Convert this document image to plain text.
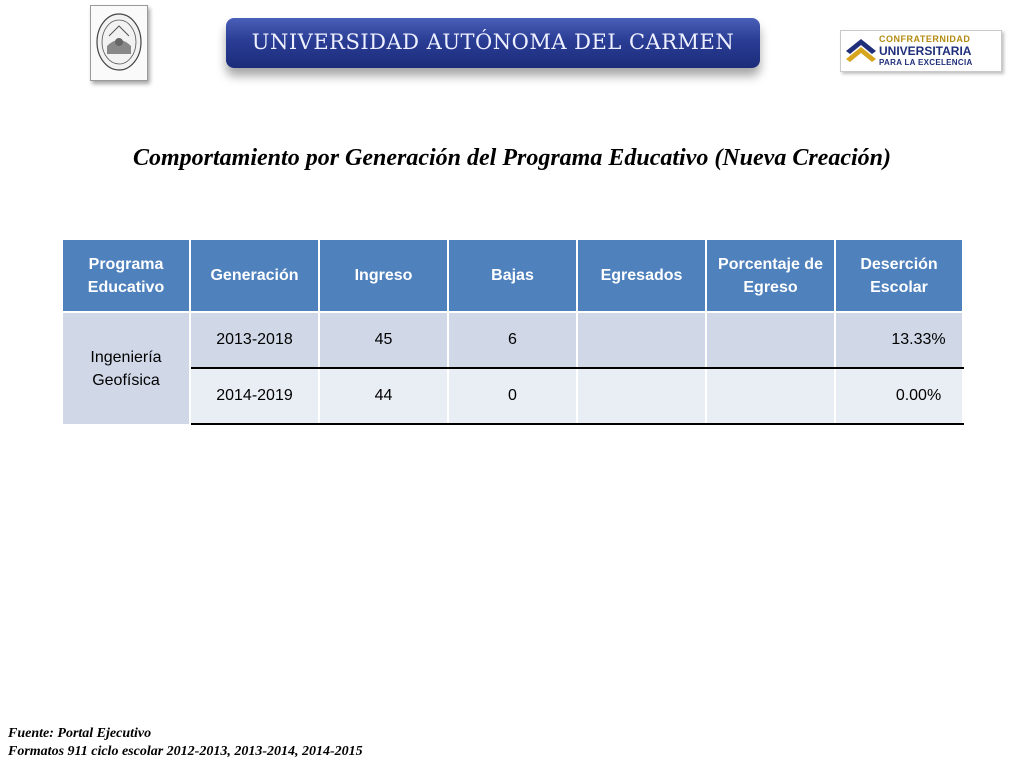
UNIVERSIDAD AUTÓNOMA DEL CARMEN	CONFRATERNIDAD
UNIVERSITARIA
PARA LA EXCELENCIA
Comportamiento por Generación del Programa Educativo (Nueva Creación)
Programa Educativo	Generación	Ingreso	Bajas	Egresados	Porcentaje de Egreso	Deserción Escolar
Ingeniería Geofísica	2013-2018	45	6			13.33%
	2014-2019	44	0			0.00%
Fuente: Portal Ejecutivo
Formatos 911 ciclo escolar 2012-2013, 2013-2014, 2014-2015
